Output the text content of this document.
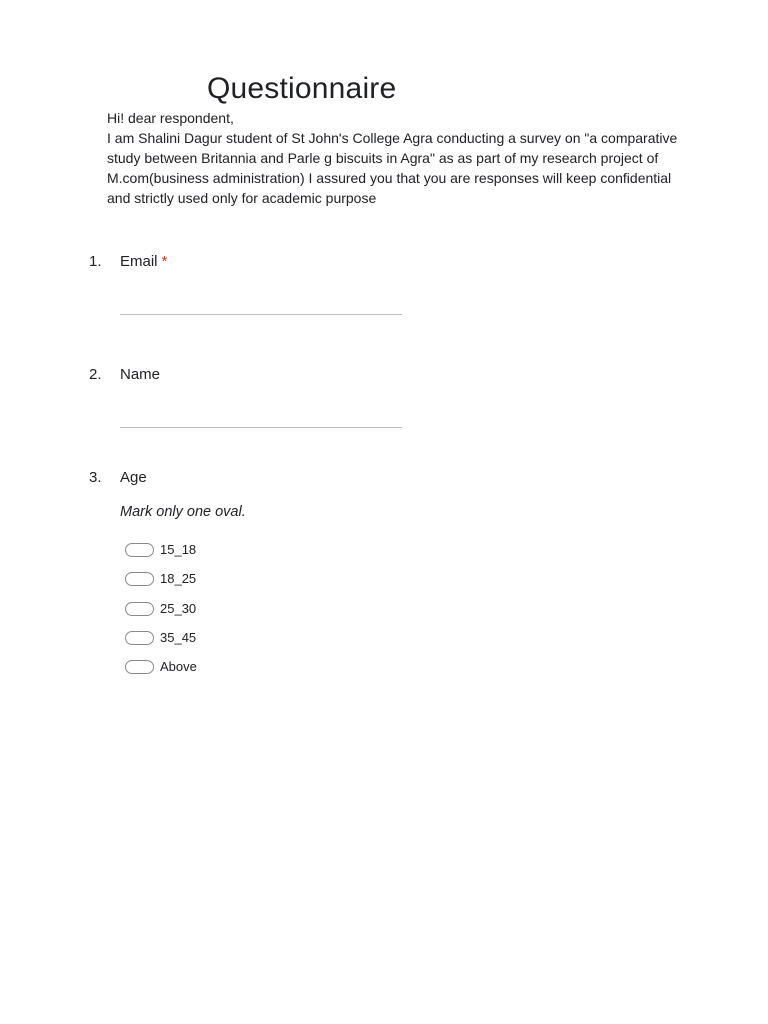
Questionnaire

Hi! dear respondent,

I am Shalini Dagur student of St John's College Agra conducting a survey on "a comparative study between Britannia and Parle g biscuits in Agra" as as part of my research project of M.com(business administration) I assured you that you are responses will keep confidential and strictly used only for academic purpose

1. Email *
2. Name
3. Age
Mark only one oval.
15_18
18_25
25_30
35_45
Above
